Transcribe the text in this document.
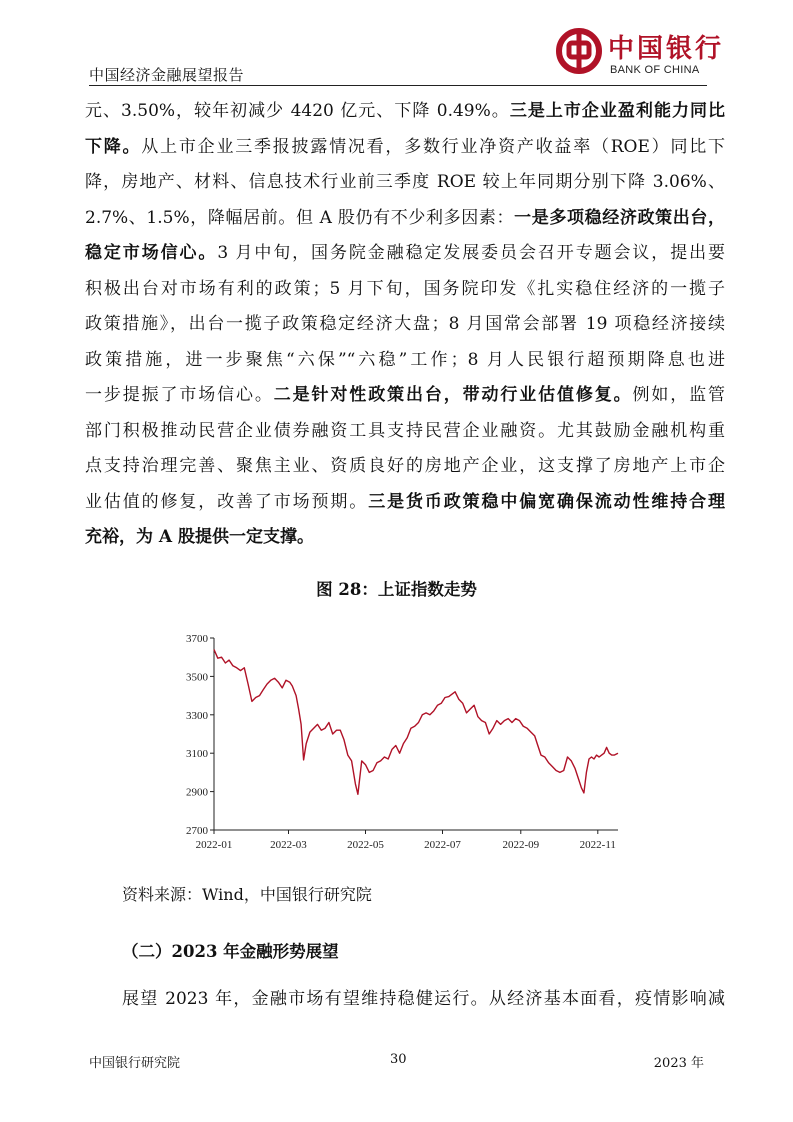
中国经济金融展望报告
中国银行
BANK OF CHINA
元、3.50%，较年初减少 4420 亿元、下降 0.49%。三是上市企业盈利能力同比
下降。从上市企业三季报披露情况看，多数行业净资产收益率（ROE）同比下
降，房地产、材料、信息技术行业前三季度 ROE 较上年同期分别下降 3.06%、
2.7%、1.5%，降幅居前。但 A 股仍有不少利多因素：一是多项稳经济政策出台，
稳定市场信心。3 月中旬，国务院金融稳定发展委员会召开专题会议，提出要
积极出台对市场有利的政策；5 月下旬，国务院印发《扎实稳住经济的一揽子
政策措施》，出台一揽子政策稳定经济大盘；8 月国常会部署 19 项稳经济接续
政策措施，进一步聚焦“六保”“六稳”工作；8 月人民银行超预期降息也进
一步提振了市场信心。二是针对性政策出台，带动行业估值修复。例如，监管
部门积极推动民营企业债券融资工具支持民营企业融资。尤其鼓励金融机构重
点支持治理完善、聚焦主业、资质良好的房地产企业，这支撑了房地产上市企
业估值的修复，改善了市场预期。三是货币政策稳中偏宽确保流动性维持合理
充裕，为 A 股提供一定支撑。
图 28：上证指数走势
2700
2900
3100
3300
3500
3700
2022-01	2022-03	2022-05	2022-07	2022-09	2022-11
资料来源：Wind，中国银行研究院
（二）2023 年金融形势展望
展望 2023 年，金融市场有望维持稳健运行。从经济基本面看，疫情影响减
中国银行研究院	30	2023 年
